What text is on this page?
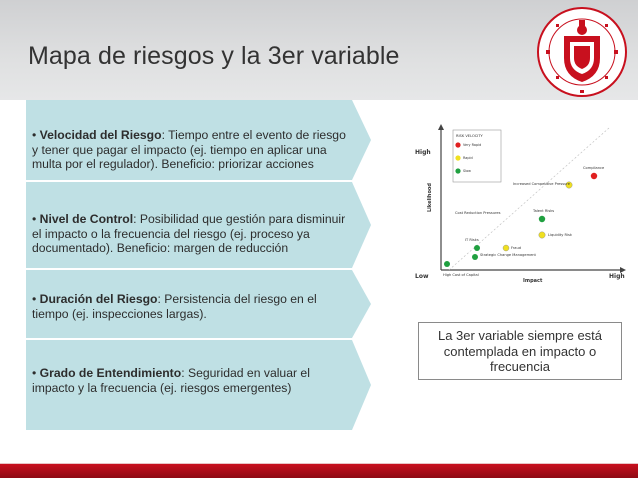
Mapa de riesgos y la 3er variable
• Velocidad del Riesgo: Tiempo entre el evento de riesgo y tener que pagar el impacto (ej. tiempo en aplicar una multa por el regulador). Beneficio: priorizar acciones
• Nivel de Control: Posibilidad que gestión para disminuir el impacto o la frecuencia del riesgo (ej. proceso ya documentado). Beneficio: margen de reducción
• Duración del Riesgo: Persistencia del riesgo en el tiempo (ej. inspecciones largas).
• Grado de Entendimiento: Seguridad en valuar el impacto y la frecuencia (ej. riesgos emergentes)
High
Likelihood
Low
Impact
High
RISK VELOCITY
Very Rapid
Rapid
Slow
Compliance
Increased Competitive Pressure
Talent Risks
Cost Reduction Pressures
Liquidity Risk
IT Risks
Fraud
Strategic Change Management
High Cost of Capital
La 3er variable siempre está contemplada en impacto o frecuencia
